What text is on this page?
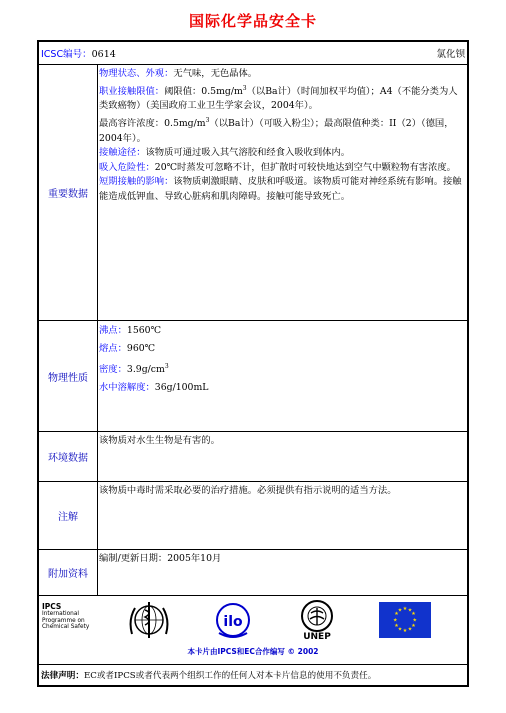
国际化学品安全卡
ICSC编号：0614	氯化钡
重要数据
物理状态、外观：无气味，无色晶体。
职业接触限值：阈限值：$0.5mg/m^3$（以Ba计）（时间加权平均值）；A4（不能分类为人类致癌物）（美国政府工业卫生学家会议，2004年）。
最高容许浓度：$0.5mg/m^3$（以Ba计）（可吸入粉尘）；最高限值种类：II（2）（德国，2004年）。
接触途径：该物质可通过吸入其气溶胶和经食入吸收到体内。
吸入危险性：20℃时蒸发可忽略不计，但扩散时可较快地达到空气中颗粒物有害浓度。
短期接触的影响：该物质刺激眼睛、皮肤和呼吸道。该物质可能对神经系统有影响。接触能造成低钾血、导致心脏病和肌肉障碍。接触可能导致死亡。
物理性质
沸点：1560℃
熔点：960℃
密度：$3.9g/cm^3$
水中溶解度：36g/100mL
环境数据
该物质对水生生物是有害的。
注解
该物质中毒时需采取必要的治疗措施。必须提供有指示说明的适当方法。
附加资料
编制/更新日期：2005年10月
IPCS
International
Programme on
Chemical Safety	ilo
UNEP
★ ★
★
★
★
★
★
★
★
★
★
★
本卡片由IPCS和EC合作编写 © 2002
法律声明： EC或者IPCS或者代表两个组织工作的任何人对本卡片信息的使用不负责任。
